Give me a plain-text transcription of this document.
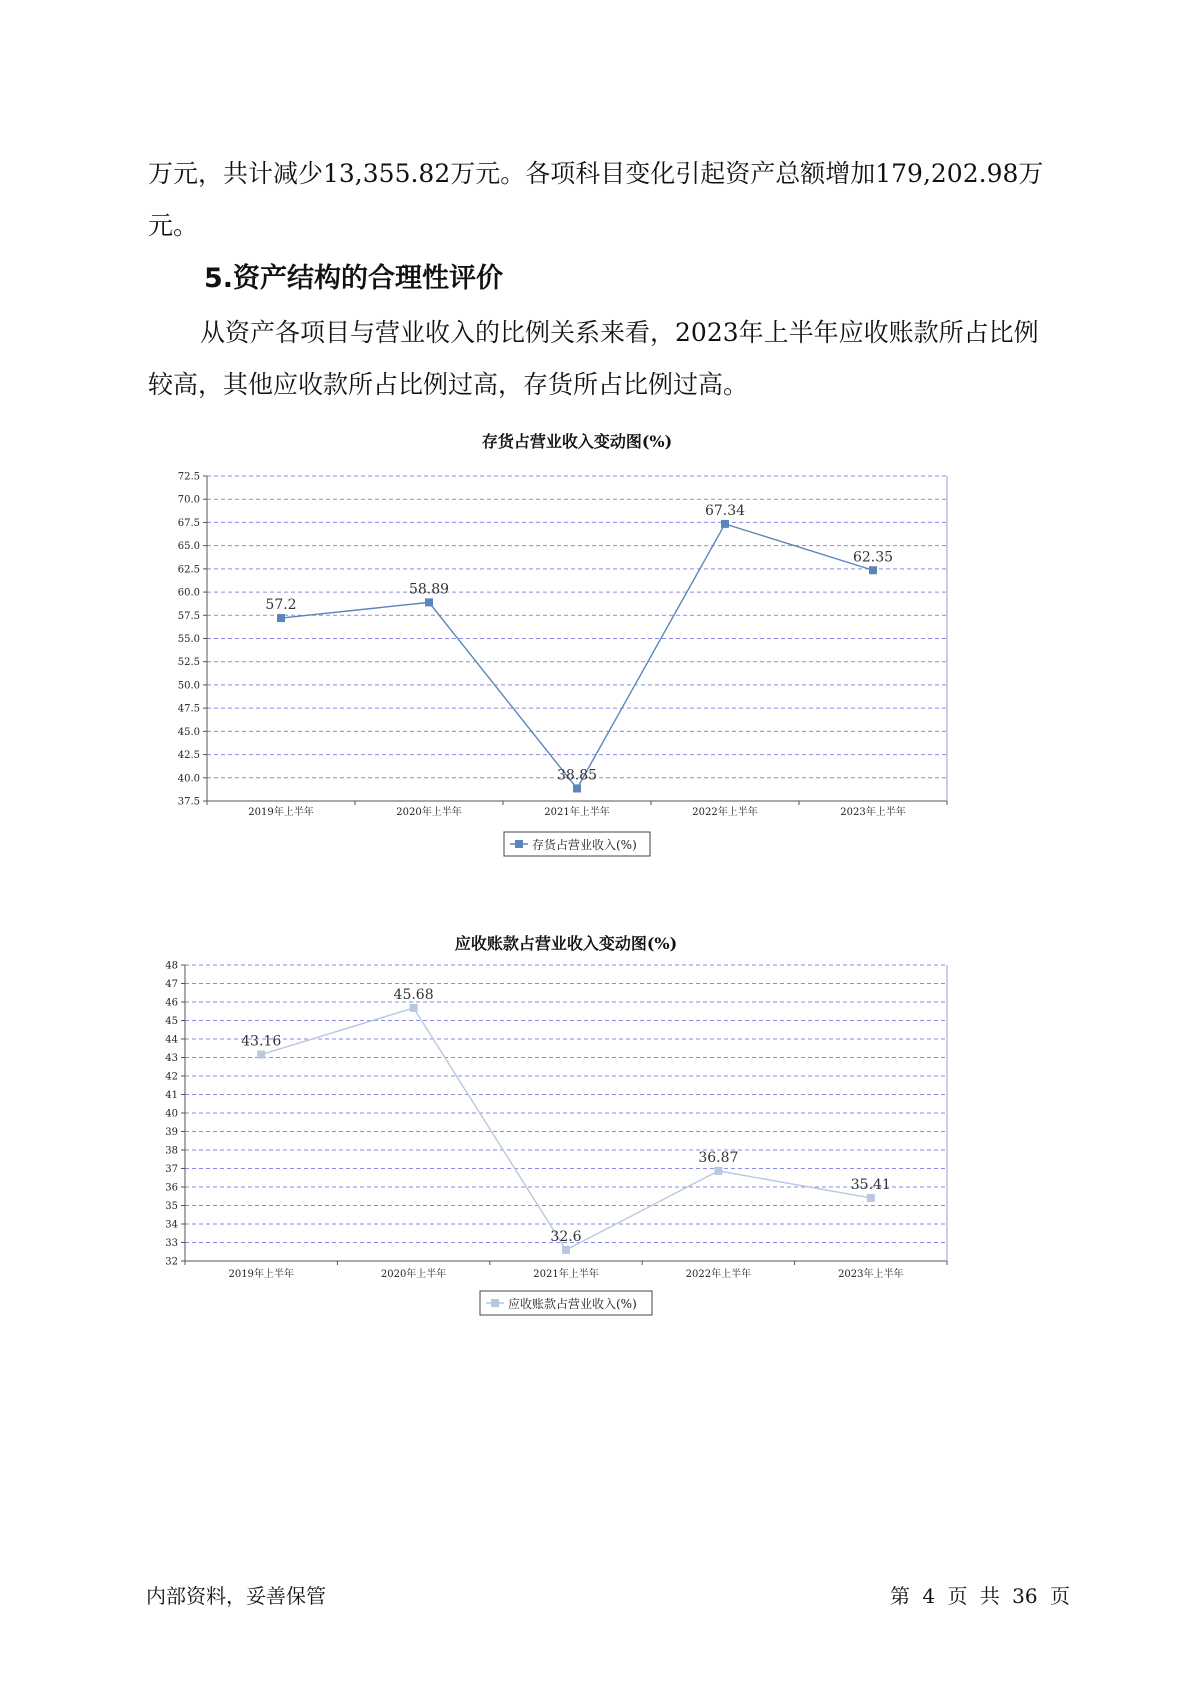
万元，共计减少13,355.82万元。各项科目变化引起资产总额增加179,202.98万元。

5.资产结构的合理性评价

从资产各项目与营业收入的比例关系来看，2023年上半年应收账款所占比例较高，其他应收款所占比例过高，存货所占比例过高。

存货占营业收入变动图(%)
37.5
40.0
42.5
45.0
47.5
50.0
52.5
55.0
57.5
60.0
62.5
65.0
67.5
70.0
72.5
2019年上半年	2020年上半年	2021年上半年	2022年上半年	2023年上半年
57.2
58.89
38.85
67.34
62.35
存货占营业收入(%)
应收账款占营业收入变动图(%)
32
33
34
35
36
37
38
39
40
41
42
43
44
45
46
47
48
2019年上半年	2020年上半年	2021年上半年	2022年上半年	2023年上半年
43.16
45.68
32.6
36.87
35.41
应收账款占营业收入(%)
内部资料，妥善保管	第 4 页 共 36 页
